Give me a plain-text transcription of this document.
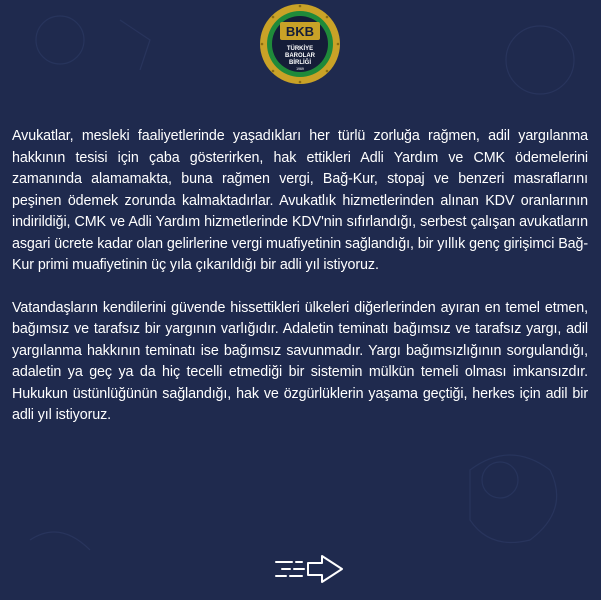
BKB
TÜRKİYE
BAROLAR
BİRLİĞİ
1969

Avukatlar, mesleki faaliyetlerinde yaşadıkları her türlü zorluğa rağmen, adil yargılanma hakkının tesisi için çaba gösterirken, hak ettikleri Adli Yardım ve CMK ödemelerini zamanında alamamakta, buna rağmen vergi, Bağ-Kur, stopaj ve benzeri masraflarını peşinen ödemek zorunda kalmaktadırlar. Avukatlık hizmetlerinden alınan KDV oranlarının indirildiği, CMK ve Adli Yardım hizmetlerinde KDV'nin sıfırlandığı, serbest çalışan avukatların asgari ücrete kadar olan gelirlerine vergi muafiyetinin sağlandığı, bir yıllık genç girişimci Bağ-Kur primi muafiyetinin üç yıla çıkarıldığı bir adli yıl istiyoruz.

Vatandaşların kendilerini güvende hissettikleri ülkeleri diğerlerinden ayıran en temel etmen, bağımsız ve tarafsız bir yargının varlığıdır. Adaletin teminatı bağımsız ve tarafsız yargı, adil yargılanma hakkının teminatı ise bağımsız savunmadır. Yargı bağımsızlığının sorgulandığı, adaletin ya geç ya da hiç tecelli etmediği bir sistemin mülkün temeli olması imkansızdır. Hukukun üstünlüğünün sağlandığı, hak ve özgürlüklerin yaşama geçtiği, herkes için adil bir adli yıl istiyoruz.
